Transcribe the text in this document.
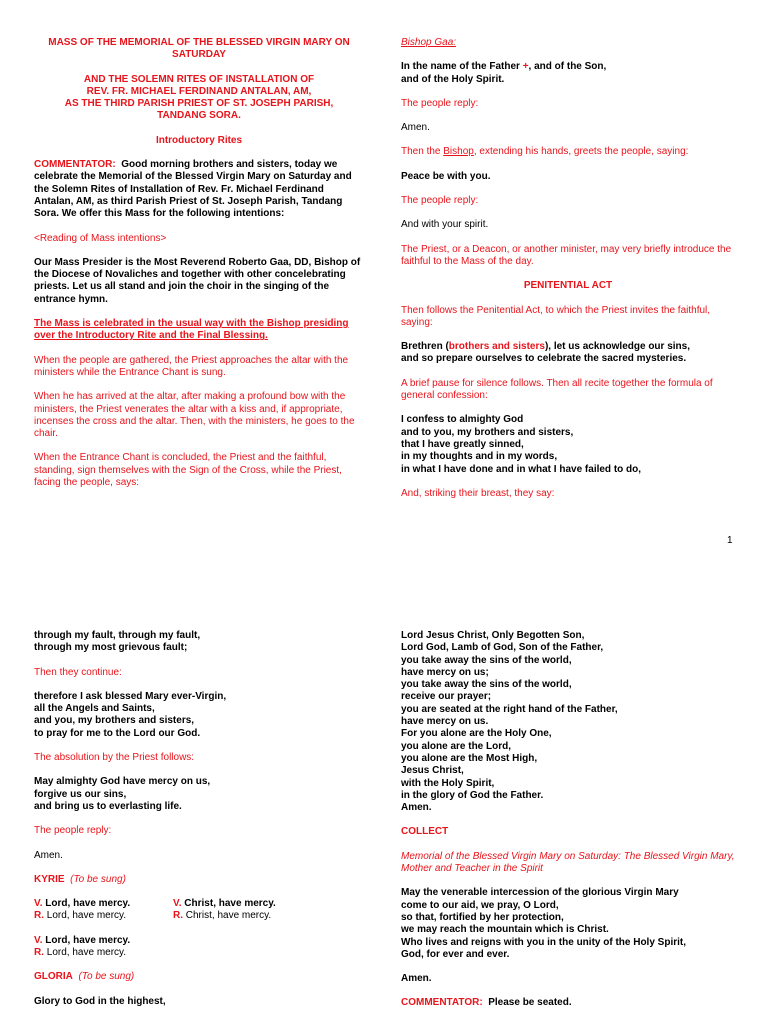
MASS OF THE MEMORIAL OF THE BLESSED VIRGIN MARY ON SATURDAY
AND THE SOLEMN RITES OF INSTALLATION OF
REV. FR. MICHAEL FERDINAND ANTALAN, AM,
AS THE THIRD PARISH PRIEST OF ST. JOSEPH PARISH,
TANDANG SORA.

Introductory Rites

COMMENTATOR: Good morning brothers and sisters, today we celebrate the Memorial of the Blessed Virgin Mary on Saturday and the Solemn Rites of Installation of Rev. Fr. Michael Ferdinand Antalan, AM, as third Parish Priest of St. Joseph Parish, Tandang Sora. We offer this Mass for the following intentions:

<Reading of Mass intentions>

Our Mass Presider is the Most Reverend Roberto Gaa, DD, Bishop of the Diocese of Novaliches and together with other concelebrating priests. Let us all stand and join the choir in the singing of the entrance hymn.

The Mass is celebrated in the usual way with the Bishop presiding over the Introductory Rite and the Final Blessing.

When the people are gathered, the Priest approaches the altar with the ministers while the Entrance Chant is sung.

When he has arrived at the altar, after making a profound bow with the ministers, the Priest venerates the altar with a kiss and, if appropriate, incenses the cross and the altar. Then, with the ministers, he goes to the chair.

When the Entrance Chant is concluded, the Priest and the faithful, standing, sign themselves with the Sign of the Cross, while the Priest, facing the people, says:

Bishop Gaa:

In the name of the Father +, and of the Son,
and of the Holy Spirit.

The people reply:

Amen.

Then the Bishop, extending his hands, greets the people, saying:

Peace be with you.

The people reply:

And with your spirit.

The Priest, or a Deacon, or another minister, may very briefly introduce the faithful to the Mass of the day.

PENITENTIAL ACT

Then follows the Penitential Act, to which the Priest invites the faithful, saying:

Brethren (brothers and sisters), let us acknowledge our sins,
and so prepare ourselves to celebrate the sacred mysteries.

A brief pause for silence follows. Then all recite together the formula of general confession:

I confess to almighty God
and to you, my brothers and sisters,
that I have greatly sinned,
in my thoughts and in my words,
in what I have done and in what I have failed to do,

And, striking their breast, they say:

1
through my fault, through my fault,
through my most grievous fault;

Then they continue:

therefore I ask blessed Mary ever-Virgin,
all the Angels and Saints,
and you, my brothers and sisters,
to pray for me to the Lord our God.

The absolution by the Priest follows:

May almighty God have mercy on us,
forgive us our sins,
and bring us to everlasting life.

The people reply:

Amen.

KYRIE (To be sung)

V. Lord, have mercy.	V. Christ, have mercy.
R. Lord, have mercy.	R. Christ, have mercy.
V. Lord, have mercy.
R. Lord, have mercy.

GLORIA (To be sung)

Glory to God in the highest,

Lord Jesus Christ, Only Begotten Son,
Lord God, Lamb of God, Son of the Father,
you take away the sins of the world,
have mercy on us;
you take away the sins of the world,
receive our prayer;
you are seated at the right hand of the Father,
have mercy on us.
For you alone are the Holy One,
you alone are the Lord,
you alone are the Most High,
Jesus Christ,
with the Holy Spirit,
in the glory of God the Father.
Amen.

COLLECT

Memorial of the Blessed Virgin Mary on Saturday: The Blessed Virgin Mary, Mother and Teacher in the Spirit

May the venerable intercession of the glorious Virgin Mary
come to our aid, we pray, O Lord,
so that, fortified by her protection,
we may reach the mountain which is Christ.
Who lives and reigns with you in the unity of the Holy Spirit,
God, for ever and ever.

Amen.

COMMENTATOR: Please be seated.
